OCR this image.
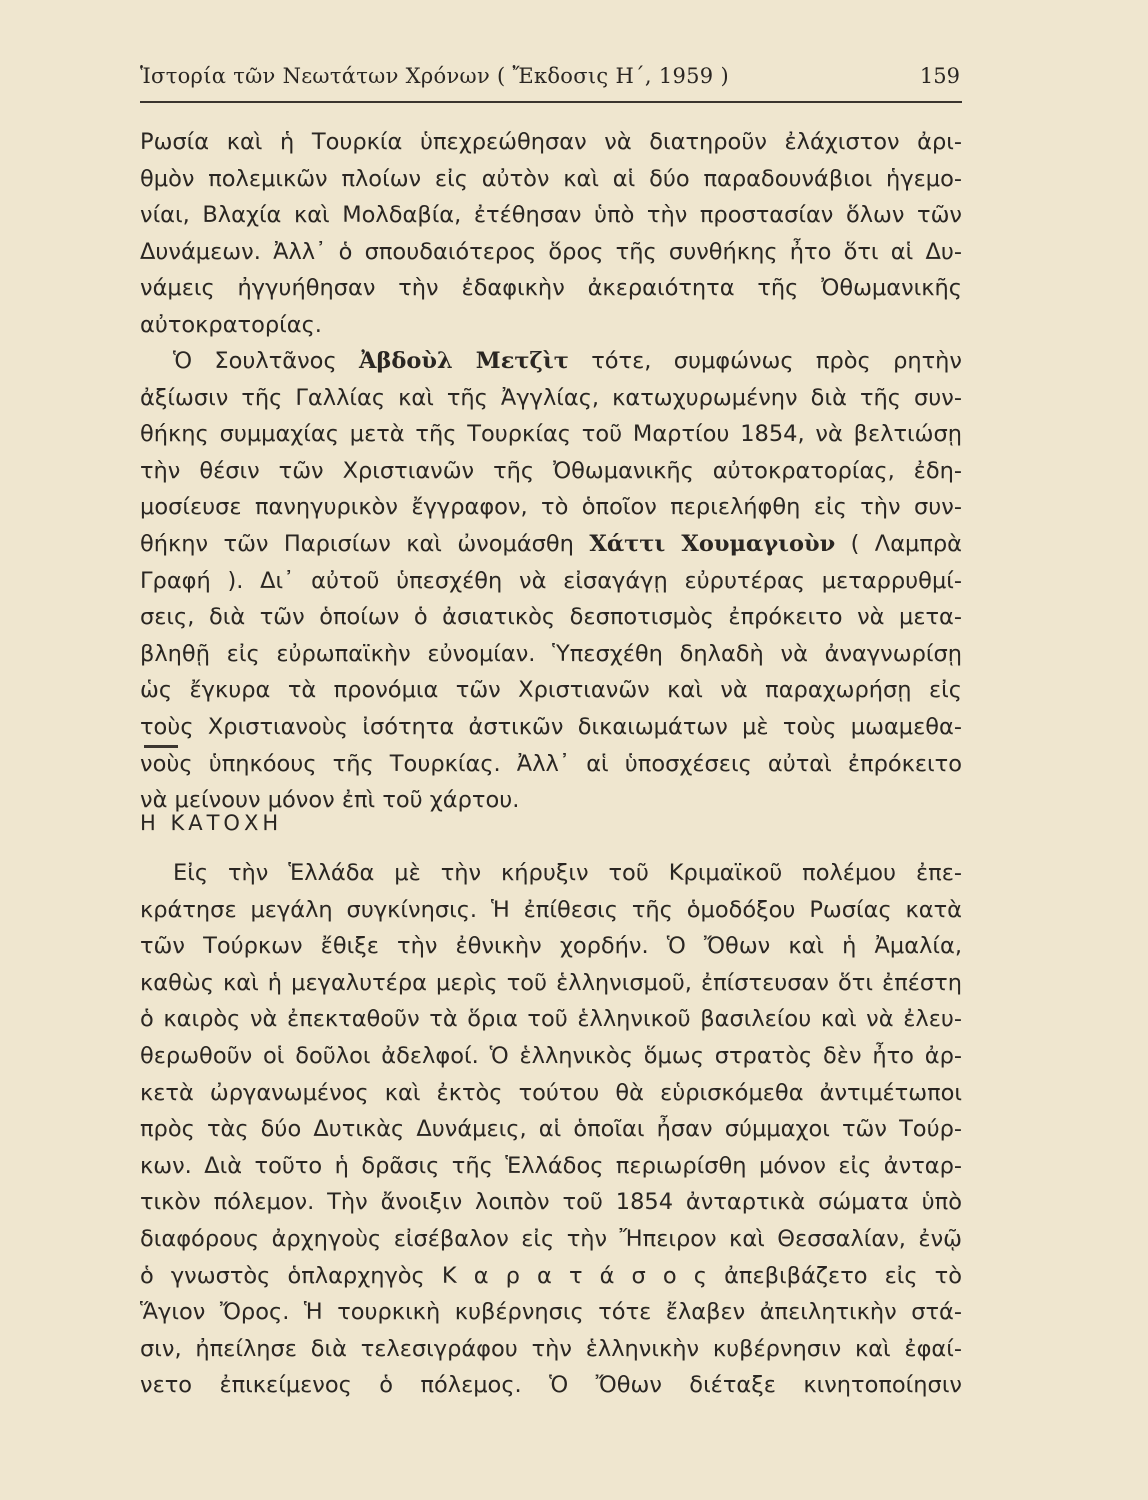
Ἱστορία τῶν Νεωτάτων Χρόνων ( Ἔκδοσις Η΄, 1959 )	159
Ρωσία καὶ ἡ Τουρκία ὑπεχρεώθησαν νὰ διατηροῦν ἐλάχιστον ἀρι-
θμὸν πολεμικῶν πλοίων εἰς αὐτὸν καὶ αἱ δύο παραδουνάβιοι ἡγεμο-
νίαι, Βλαχία καὶ Μολδαβία, ἐτέθησαν ὑπὸ τὴν προστασίαν ὅλων τῶν
Δυνάμεων. Ἀλλ᾽ ὁ σπουδαιότερος ὅρος τῆς συνθήκης ἦτο ὅτι αἱ Δυ-
νάμεις ἠγγυήθησαν τὴν ἐδαφικὴν ἀκεραιότητα τῆς Ὀθωμανικῆς
αὐτοκρατορίας.
Ὁ Σουλτᾶνος Ἀβδοὺλ Μετζὶτ τότε, συμφώνως πρὸς ρητὴν
ἀξίωσιν τῆς Γαλλίας καὶ τῆς Ἀγγλίας, κατωχυρωμένην διὰ τῆς συν-
θήκης συμμαχίας μετὰ τῆς Τουρκίας τοῦ Μαρτίου 1854, νὰ βελτιώσῃ
τὴν θέσιν τῶν Χριστιανῶν τῆς Ὀθωμανικῆς αὐτοκρατορίας, ἐδη-
μοσίευσε πανηγυρικὸν ἔγγραφον, τὸ ὁποῖον περιελήφθη εἰς τὴν συν-
θήκην τῶν Παρισίων καὶ ὠνομάσθη Χάττι Χουμαγιοὺν ( Λαμπρὰ
Γραφή ). Δι᾽ αὐτοῦ ὑπεσχέθη νὰ εἰσαγάγῃ εὐρυτέρας μεταρρυθμί-
σεις, διὰ τῶν ὁποίων ὁ ἀσιατικὸς δεσποτισμὸς ἐπρόκειτο νὰ μετα-
βληθῇ εἰς εὐρωπαϊκὴν εὐνομίαν. Ὑπεσχέθη δηλαδὴ νὰ ἀναγνωρίσῃ
ὡς ἔγκυρα τὰ προνόμια τῶν Χριστιανῶν καὶ νὰ παραχωρήσῃ εἰς
τοὺς Χριστιανοὺς ἰσότητα ἀστικῶν δικαιωμάτων μὲ τοὺς μωαμεθα-
νοὺς ὑπηκόους τῆς Τουρκίας. Ἀλλ᾽ αἱ ὑποσχέσεις αὐταὶ ἐπρόκειτο
νὰ μείνουν μόνον ἐπὶ τοῦ χάρτου.
Η ΚΑΤΟΧΗ
Εἰς τὴν Ἑλλάδα μὲ τὴν κήρυξιν τοῦ Κριμαϊκοῦ πολέμου ἐπε-
κράτησε μεγάλη συγκίνησις. Ἡ ἐπίθεσις τῆς ὁμοδόξου Ρωσίας κατὰ
τῶν Τούρκων ἔθιξε τὴν ἐθνικὴν χορδήν. Ὁ Ὄθων καὶ ἡ Ἀμαλία,
καθὼς καὶ ἡ μεγαλυτέρα μερὶς τοῦ ἑλληνισμοῦ, ἐπίστευσαν ὅτι ἐπέστη
ὁ καιρὸς νὰ ἐπεκταθοῦν τὰ ὅρια τοῦ ἑλληνικοῦ βασιλείου καὶ νὰ ἐλευ-
θερωθοῦν οἱ δοῦλοι ἀδελφοί. Ὁ ἑλληνικὸς ὅμως στρατὸς δὲν ἦτο ἀρ-
κετὰ ὠργανωμένος καὶ ἐκτὸς τούτου θὰ εὑρισκόμεθα ἀντιμέτωποι
πρὸς τὰς δύο Δυτικὰς Δυνάμεις, αἱ ὁποῖαι ἦσαν σύμμαχοι τῶν Τούρ-
κων. Διὰ τοῦτο ἡ δρᾶσις τῆς Ἑλλάδος περιωρίσθη μόνον εἰς ἀνταρ-
τικὸν πόλεμον. Τὴν ἄνοιξιν λοιπὸν τοῦ 1854 ἀνταρτικὰ σώματα ὑπὸ
διαφόρους ἀρχηγοὺς εἰσέβαλον εἰς τὴν Ἤπειρον καὶ Θεσσαλίαν, ἐνῷ
ὁ γνωστὸς ὁπλαρχηγὸς Κ α ρ α τ ά σ ο ς ἀπεβιβάζετο εἰς τὸ
Ἅγιον Ὄρος. Ἡ τουρκικὴ κυβέρνησις τότε ἔλαβεν ἀπειλητικὴν στά-
σιν, ἠπείλησε διὰ τελεσιγράφου τὴν ἑλληνικὴν κυβέρνησιν καὶ ἐφαί-
νετο ἐπικείμενος ὁ πόλεμος. Ὁ Ὄθων διέταξε κινητοποίησιν
